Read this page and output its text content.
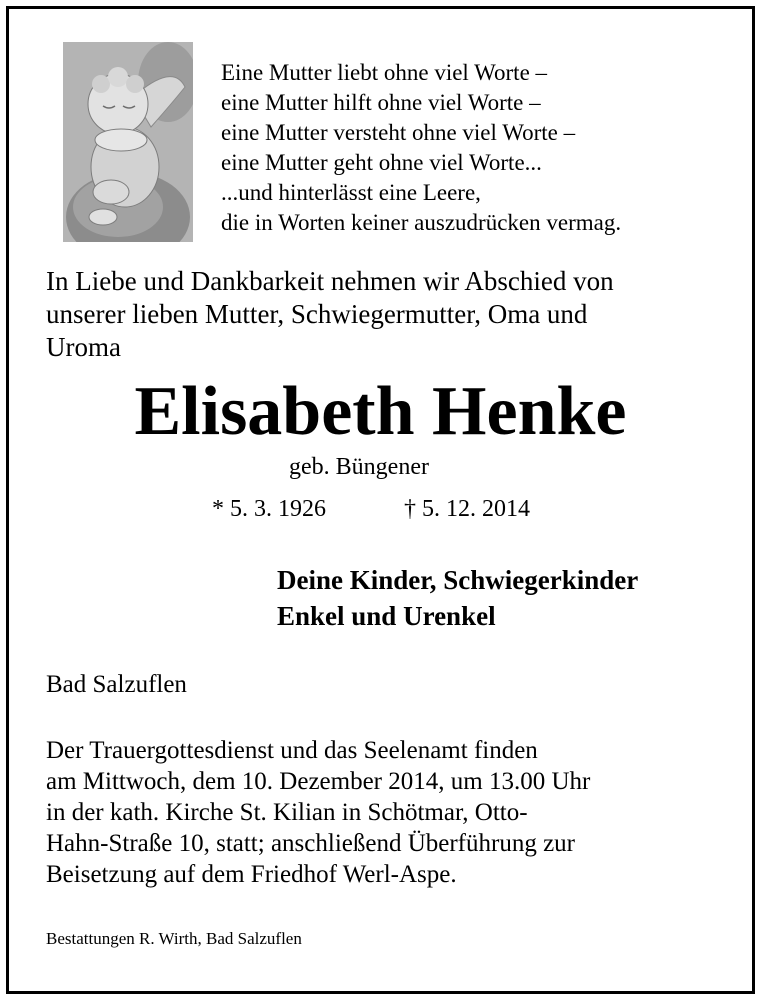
Eine Mutter liebt ohne viel Worte –
eine Mutter hilft ohne viel Worte –
eine Mutter versteht ohne viel Worte –
eine Mutter geht ohne viel Worte...
...und hinterlässt eine Leere,
die in Worten keiner auszudrücken vermag.
In Liebe und Dankbarkeit nehmen wir Abschied von
unserer lieben Mutter, Schwiegermutter, Oma und
Uroma
Elisabeth Henke
geb. Büngener
* 5. 3. 1926	† 5. 12. 2014
Deine Kinder, Schwiegerkinder
Enkel und Urenkel
Bad Salzuflen
Der Trauergottesdienst und das Seelenamt finden
am Mittwoch, dem 10. Dezember 2014, um 13.00 Uhr
in der kath. Kirche St. Kilian in Schötmar, Otto-
Hahn-Straße 10, statt; anschließend Überführung zur
Beisetzung auf dem Friedhof Werl-Aspe.
Bestattungen R. Wirth, Bad Salzuflen
